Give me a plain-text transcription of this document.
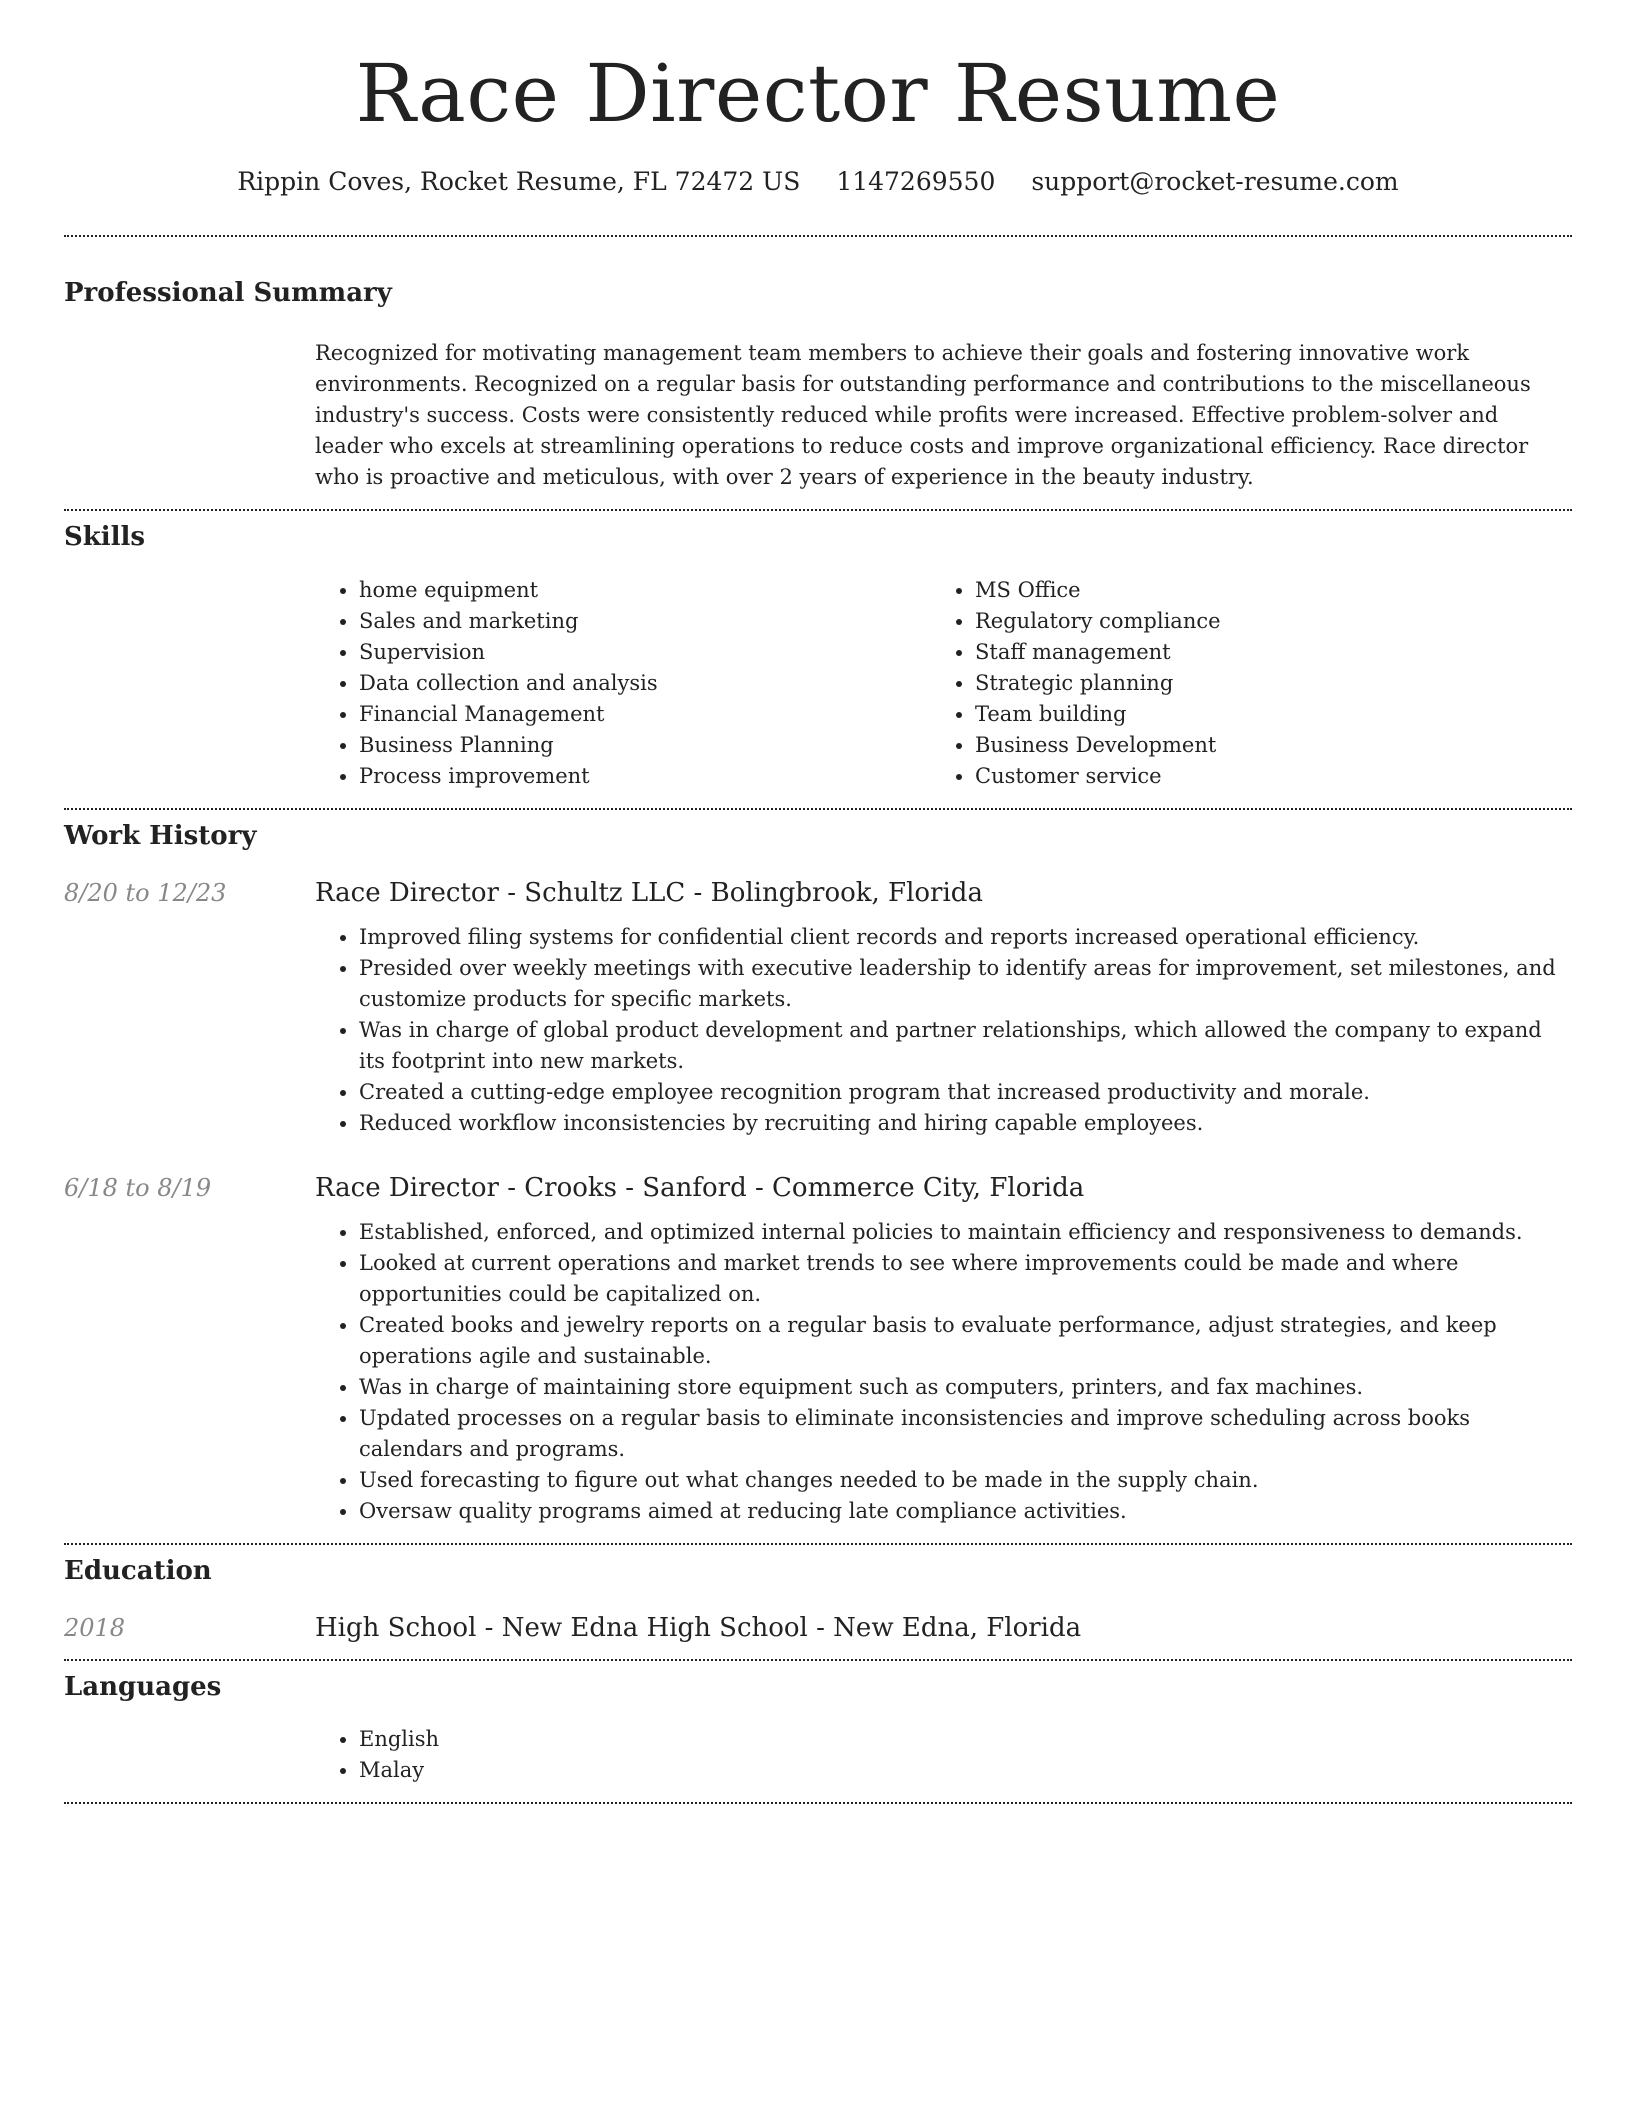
Race Director Resume
Rippin Coves, Rocket Resume, FL 72472 US 1147269550 support@rocket-resume.com
Professional Summary

Recognized for motivating management team members to achieve their goals and fostering innovative work environments. Recognized on a regular basis for outstanding performance and contributions to the miscellaneous industry's success. Costs were consistently reduced while profits were increased. Effective problem-solver and leader who excels at streamlining operations to reduce costs and improve organizational efficiency. Race director who is proactive and meticulous, with over 2 years of experience in the beauty industry.

Skills
• home equipment
• Sales and marketing
• Supervision
• Data collection and analysis
• Financial Management
• Business Planning
• Process improvement
• MS Office
• Regulatory compliance
• Staff management
• Strategic planning
• Team building
• Business Development
• Customer service
Work History
8/20 to 12/23	Race Director - Schultz LLC - Bolingbrook, Florida
• Improved filing systems for confidential client records and reports increased operational efficiency.
• Presided over weekly meetings with executive leadership to identify areas for improvement, set milestones, and customize products for specific markets.
• Was in charge of global product development and partner relationships, which allowed the company to expand its footprint into new markets.
• Created a cutting-edge employee recognition program that increased productivity and morale.
• Reduced workflow inconsistencies by recruiting and hiring capable employees.
6/18 to 8/19	Race Director - Crooks - Sanford - Commerce City, Florida
• Established, enforced, and optimized internal policies to maintain efficiency and responsiveness to demands.
• Looked at current operations and market trends to see where improvements could be made and where opportunities could be capitalized on.
• Created books and jewelry reports on a regular basis to evaluate performance, adjust strategies, and keep operations agile and sustainable.
• Was in charge of maintaining store equipment such as computers, printers, and fax machines.
• Updated processes on a regular basis to eliminate inconsistencies and improve scheduling across books calendars and programs.
• Used forecasting to figure out what changes needed to be made in the supply chain.
• Oversaw quality programs aimed at reducing late compliance activities.
Education
2018	High School - New Edna High School - New Edna, Florida
Languages
• English
• Malay
